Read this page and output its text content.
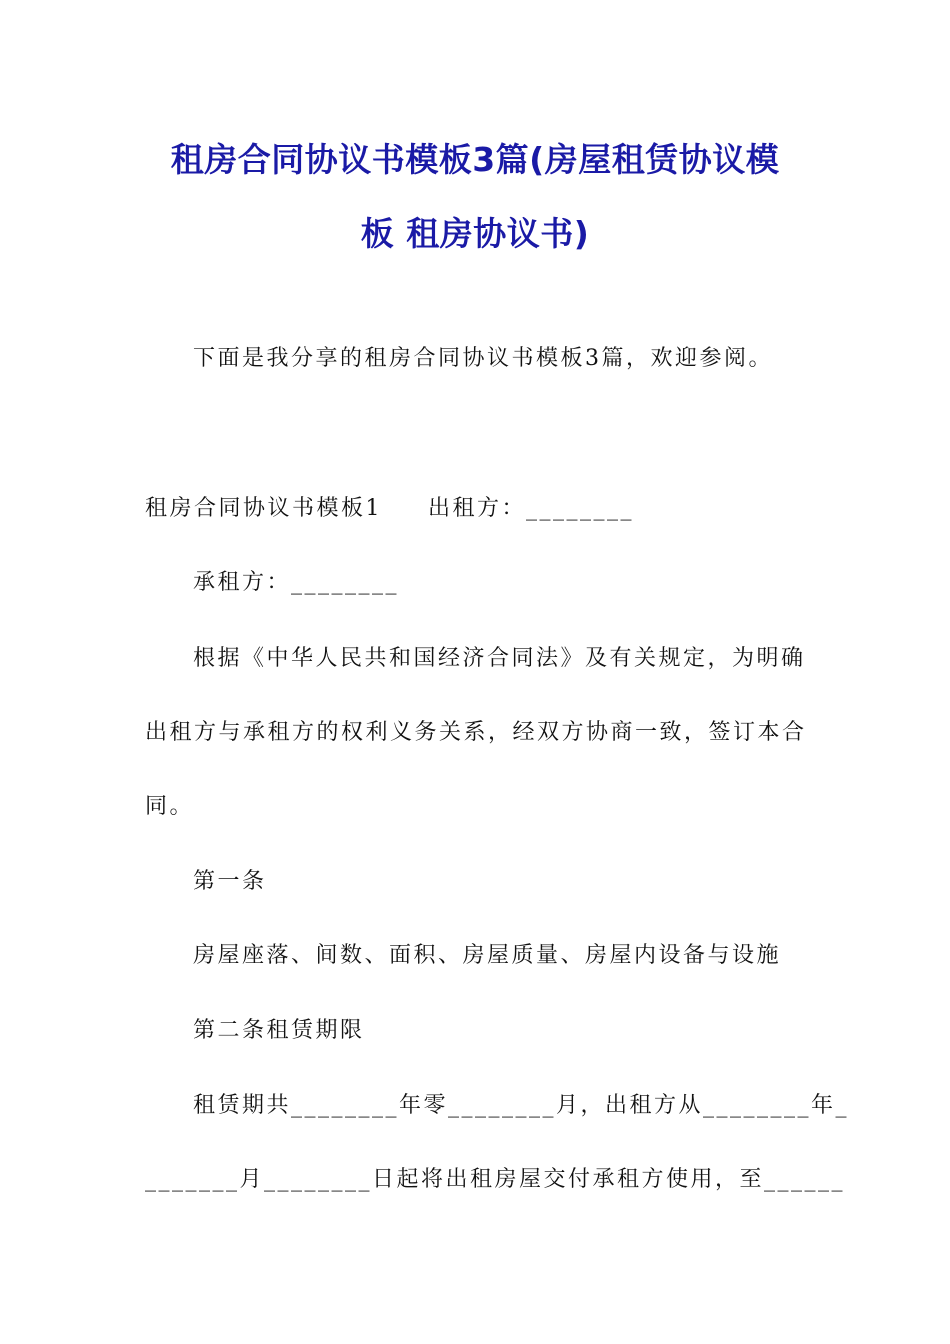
租房合同协议书模板3篇(房屋租赁协议模
板 租房协议书)

下面是我分享的租房合同协议书模板3篇，欢迎参阅。

租房合同协议书模板1 出租方：________

承租方：________

根据《中华人民共和国经济合同法》及有关规定，为明确

出租方与承租方的权利义务关系，经双方协商一致，签订本合

同。

第一条

房屋座落、间数、面积、房屋质量、房屋内设备与设施

第二条租赁期限

租赁期共________年零________月，出租方从________年_

_______月________日起将出租房屋交付承租方使用，至______
